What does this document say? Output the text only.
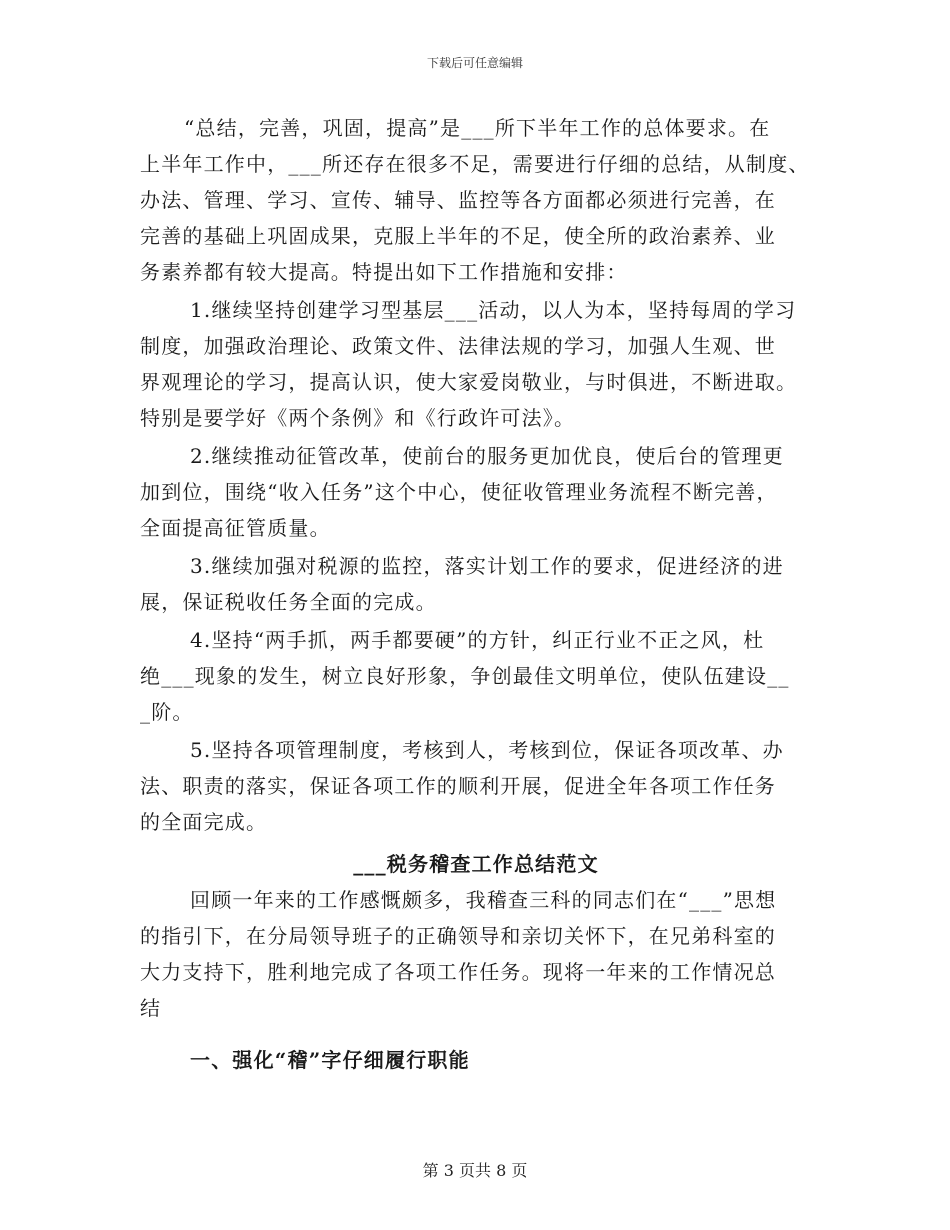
下载后可任意编辑
“总结，完善，巩固，提高”是___所下半年工作的总体要求。在
上半年工作中，___所还存在很多不足，需要进行仔细的总结，从制度、
办法、管理、学习、宣传、辅导、监控等各方面都必须进行完善，在
完善的基础上巩固成果，克服上半年的不足，使全所的政治素养、业
务素养都有较大提高。特提出如下工作措施和安排：
1.继续坚持创建学习型基层___活动，以人为本，坚持每周的学习
制度，加强政治理论、政策文件、法律法规的学习，加强人生观、世
界观理论的学习，提高认识，使大家爱岗敬业，与时俱进，不断进取。
特别是要学好《两个条例》和《行政许可法》。
2.继续推动征管改革，使前台的服务更加优良，使后台的管理更
加到位，围绕“收入任务”这个中心，使征收管理业务流程不断完善，
全面提高征管质量。
3.继续加强对税源的监控，落实计划工作的要求，促进经济的进
展，保证税收任务全面的完成。
4.坚持“两手抓，两手都要硬”的方针，纠正行业不正之风，杜
绝___现象的发生，树立良好形象，争创最佳文明单位，使队伍建设__
_阶。
5.坚持各项管理制度，考核到人，考核到位，保证各项改革、办
法、职责的落实，保证各项工作的顺利开展，促进全年各项工作任务
的全面完成。
___税务稽查工作总结范文
回顾一年来的工作感慨颇多，我稽查三科的同志们在“___”思想
的指引下，在分局领导班子的正确领导和亲切关怀下，在兄弟科室的
大力支持下，胜利地完成了各项工作任务。现将一年来的工作情况总
结
一、强化“稽”字仔细履行职能
第 3 页共 8 页
